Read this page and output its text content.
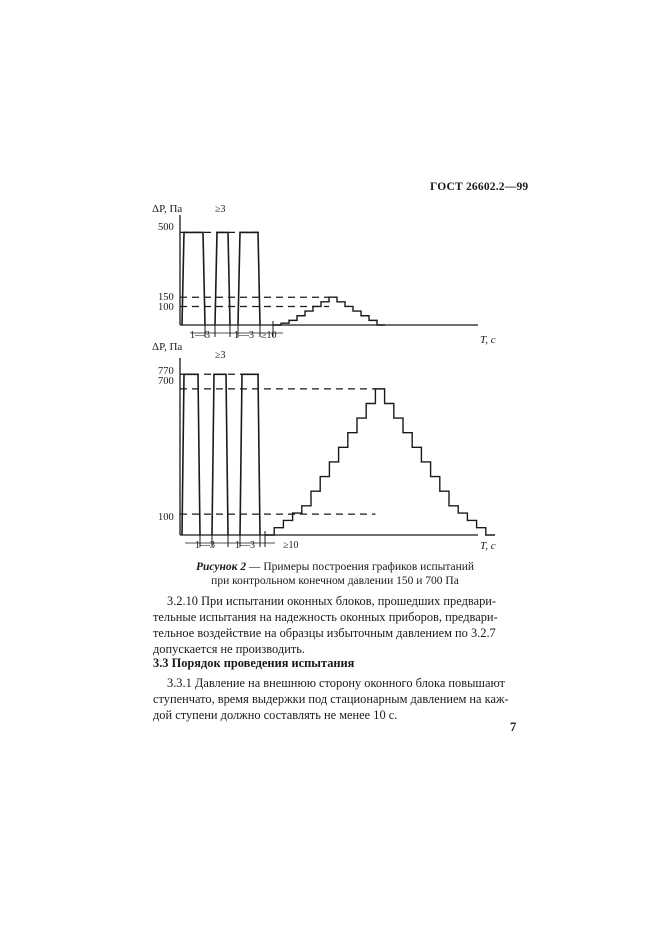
ГОСТ 26602.2—99
ΔP, Па
500
150
100
T, c
≥3
1—3 1—3 ≥10
ΔP, Па
770
700
100
T, c
≥3
1—3 1—3	≥10
Рисунок 2 — Примеры построения графиков испытаний
при контрольном конечном давлении 150 и 700 Па

3.2.10 При испытании оконных блоков, прошедших предвари-

тельные испытания на надежность оконных приборов, предвари-

тельное воздействие на образцы избыточным давлением по 3.2.7

допускается не производить.

3.3 Порядок проведения испытания

3.3.1 Давление на внешнюю сторону оконного блока повышают

ступенчато, время выдержки под стационарным давлением на каж-

дой ступени должно составлять не менее 10 с.

7
